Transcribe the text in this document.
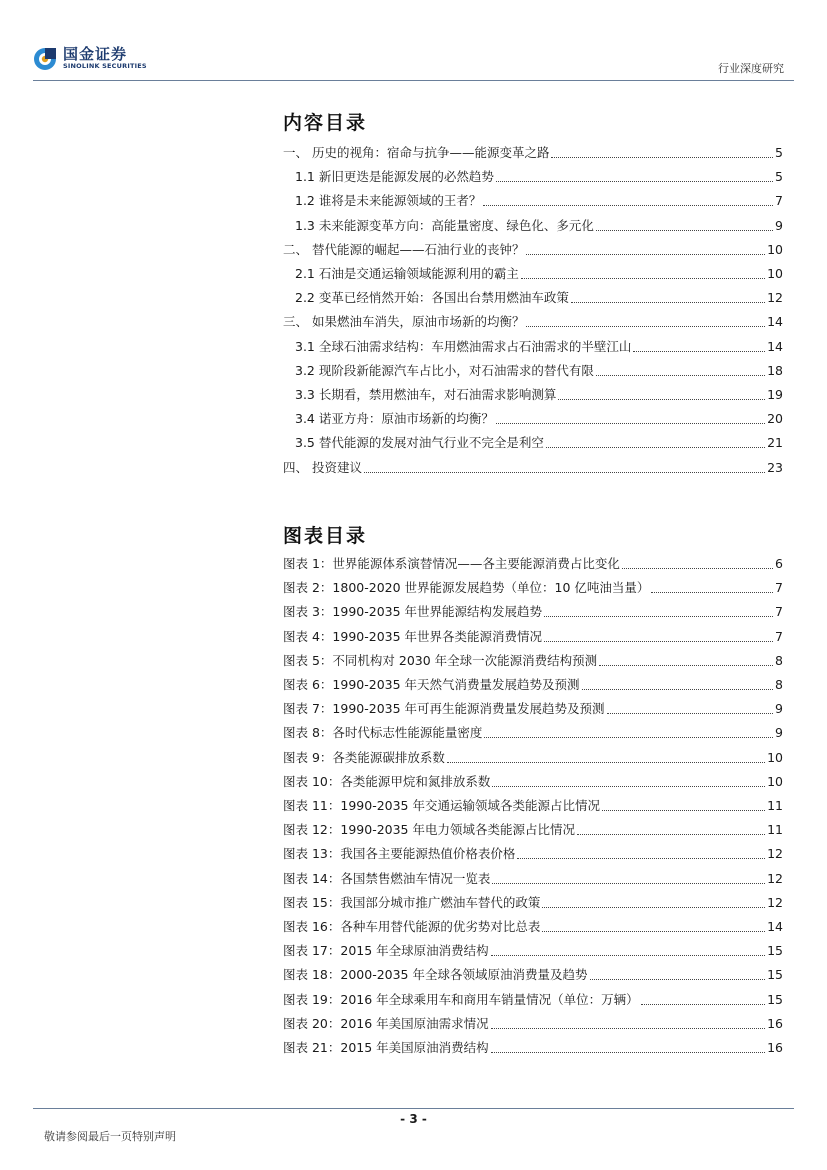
国金证券
SINOLINK SECURITIES	行业深度研究
内容目录
一、 历史的视角：宿命与抗争——能源变革之路	5
1.1 新旧更迭是能源发展的必然趋势	5
1.2 谁将是未来能源领域的王者？	7
1.3 未来能源变革方向：高能量密度、绿色化、多元化	9
二、 替代能源的崛起——石油行业的丧钟？	10
2.1 石油是交通运输领域能源利用的霸主	10
2.2 变革已经悄然开始：各国出台禁用燃油车政策	12
三、 如果燃油车消失，原油市场新的均衡？	14
3.1 全球石油需求结构：车用燃油需求占石油需求的半壁江山	14
3.2 现阶段新能源汽车占比小，对石油需求的替代有限	18
3.3 长期看，禁用燃油车，对石油需求影响测算	19
3.4 诺亚方舟：原油市场新的均衡？	20
3.5 替代能源的发展对油气行业不完全是利空	21
四、 投资建议	23
图表目录
图表 1：世界能源体系演替情况——各主要能源消费占比变化	6
图表 2：1800-2020 世界能源发展趋势（单位：10 亿吨油当量）	7
图表 3：1990-2035 年世界能源结构发展趋势	7
图表 4：1990-2035 年世界各类能源消费情况	7
图表 5：不同机构对 2030 年全球一次能源消费结构预测	8
图表 6：1990-2035 年天然气消费量发展趋势及预测	8
图表 7：1990-2035 年可再生能源消费量发展趋势及预测	9
图表 8：各时代标志性能源能量密度	9
图表 9：各类能源碳排放系数	10
图表 10：各类能源甲烷和氮排放系数	10
图表 11：1990-2035 年交通运输领域各类能源占比情况	11
图表 12：1990-2035 年电力领域各类能源占比情况	11
图表 13：我国各主要能源热值价格表价格	12
图表 14：各国禁售燃油车情况一览表	12
图表 15：我国部分城市推广燃油车替代的政策	12
图表 16：各种车用替代能源的优劣势对比总表	14
图表 17：2015 年全球原油消费结构	15
图表 18：2000-2035 年全球各领域原油消费量及趋势	15
图表 19：2016 年全球乘用车和商用车销量情况（单位：万辆）	15
图表 20：2016 年美国原油需求情况	16
图表 21：2015 年美国原油消费结构	16
- 3 -
敬请参阅最后一页特别声明
